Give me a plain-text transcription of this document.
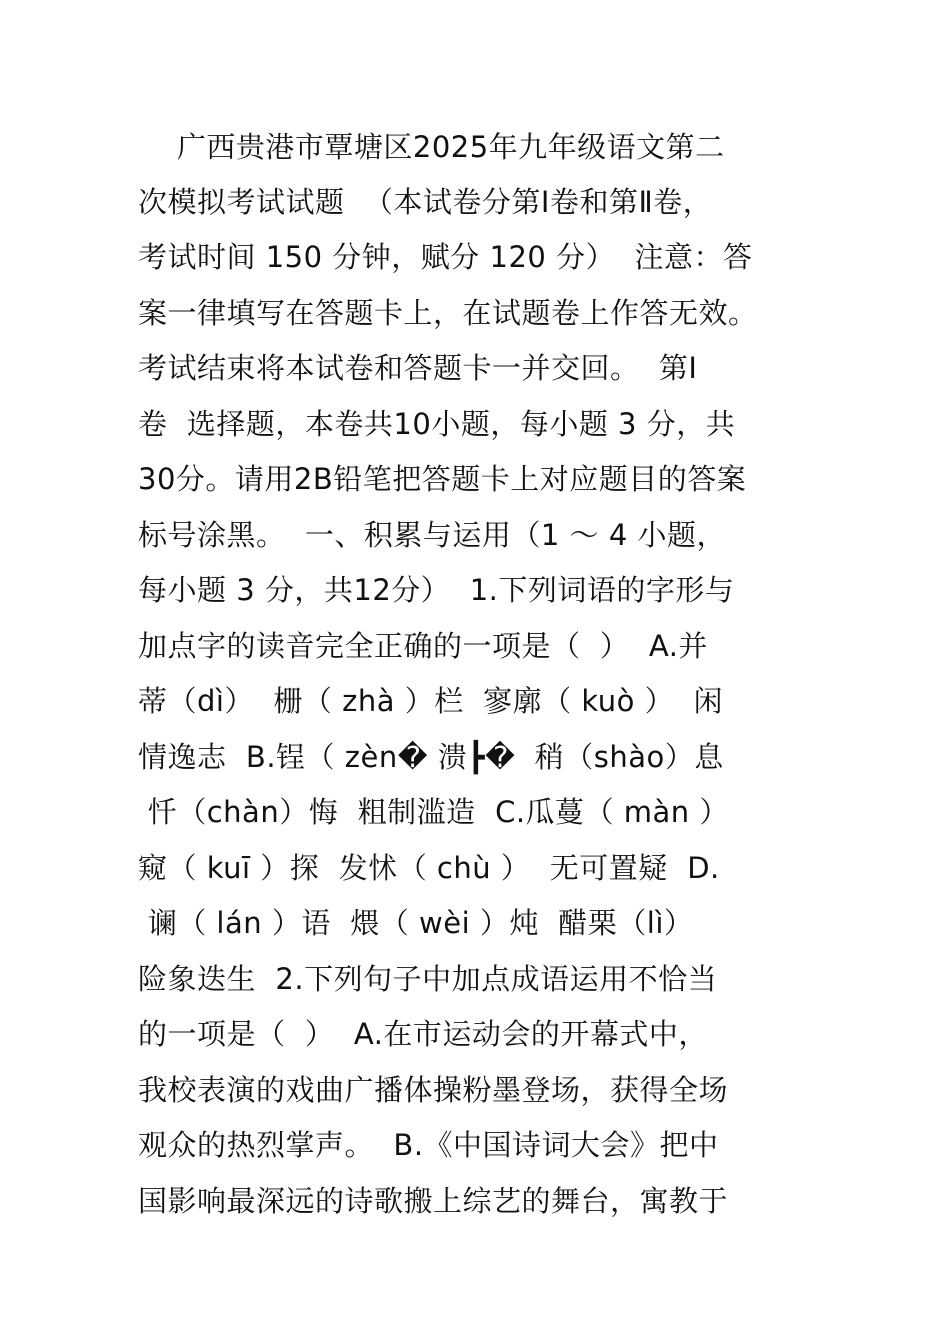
广西贵港市覃塘区2025年九年级语文第二
次模拟考试试题  （本试卷分第Ⅰ卷和第Ⅱ卷，
考试时间 150 分钟，赋分 120 分）  注意：答
案一律填写在答题卡上，在试题卷上作答无效。
考试结束将本试卷和答题卡一并交回。  第Ⅰ
卷  选择题，本卷共10小题，每小题 3 分，共
30分。请用2B铅笔把答题卡上对应题目的答案
标号涂黑。  一、积累与运用（1 ～ 4 小题，
每小题 3 分，共12分）  1.下列词语的字形与
加点字的读音完全正确的一项是（  ）  A.并
蒂（dì）  栅（ zhà ）栏  寥廓（ kuò ）  闲
情逸志  B.锃（ zèn� 溃┣�  稍（shào）息
忏（chàn）悔  粗制滥造  C.瓜蔓（ màn ）
窥（ kuī ）探  发怵（ chù ）  无可置疑  D.
谰（ lán ）语  煨（ wèi ）炖  醋栗（lì）
险象迭生  2.下列句子中加点成语运用不恰当
的一项是（  ）  A.在市运动会的开幕式中，
我校表演的戏曲广播体操粉墨登场，获得全场
观众的热烈掌声。  B.《中国诗词大会》把中
国影响最深远的诗歌搬上综艺的舞台，寓教于
